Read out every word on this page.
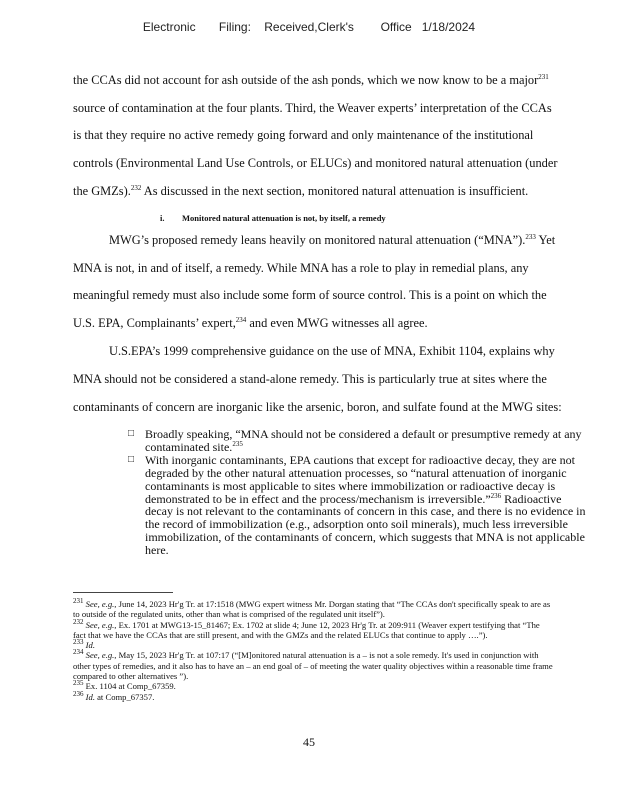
Electronic       Filing:    Received,Clerk's        Office   1/18/2024
the CCAs did not account for ash outside of the ash ponds, which we now know to be a major$^{231}$
source of contamination at the four plants. Third, the Weaver experts’ interpretation of the CCAs
is that they require no active remedy going forward and only maintenance of the institutional
controls (Environmental Land Use Controls, or ELUCs) and monitored natural attenuation (under
the GMZs).$^{232}$ As discussed in the next section, monitored natural attenuation is insufficient.
i. Monitored natural attenuation is not, by itself, a remedy
MWG’s proposed remedy leans heavily on monitored natural attenuation (“MNA”).$^{233}$ Yet
MNA is not, in and of itself, a remedy. While MNA has a role to play in remedial plans, any
meaningful remedy must also include some form of source control. This is a point on which the
U.S. EPA, Complainants’ expert,$^{234}$ and even MWG witnesses all agree.
U.S.EPA’s 1999 comprehensive guidance on the use of MNA, Exhibit 1104, explains why
MNA should not be considered a stand-alone remedy. This is particularly true at sites where the
contaminants of concern are inorganic like the arsenic, boron, and sulfate found at the MWG sites:

□ Broadly speaking, “MNA should not be considered a default or presumptive remedy at any contaminated site.$^{235}$

□ With inorganic contaminants, EPA cautions that except for radioactive decay, they are not degraded by the other natural attenuation processes, so “natural attenuation of inorganic contaminants is most applicable to sites where immobilization or radioactive decay is demonstrated to be in effect and the process/mechanism is irreversible.”$^{236}$ Radioactive decay is not relevant to the contaminants of concern in this case, and there is no evidence in the record of immobilization (e.g., adsorption onto soil minerals), much less irreversible immobilization, of the contaminants of concern, which suggests that MNA is not applicable here.

$^{231}$ See, e.g., June 14, 2023 Hr'g Tr. at 17:1518 (MWG expert witness Mr. Dorgan stating that “The CCAs don't specifically speak to are as to outside of the regulated units, other than what is comprised of the regulated unit itself”).

$^{232}$ See, e.g., Ex. 1701 at MWG13-15_81467; Ex. 1702 at slide 4; June 12, 2023 Hr'g Tr. at 209:911 (Weaver expert testifying that “The fact that we have the CCAs that are still present, and with the GMZs and the related ELUCs that continue to apply ….”).

$^{233}$ Id.

$^{234}$ See, e.g., May 15, 2023 Hr'g Tr. at 107:17 (“[M]onitored natural attenuation is a – is not a sole remedy. It's used in conjunction with other types of remedies, and it also has to have an – an end goal of – of meeting the water quality objectives within a reasonable time frame compared to other alternatives ”).

$^{235}$ Ex. 1104 at Comp_67359.

$^{236}$ Id. at Comp_67357.

45
